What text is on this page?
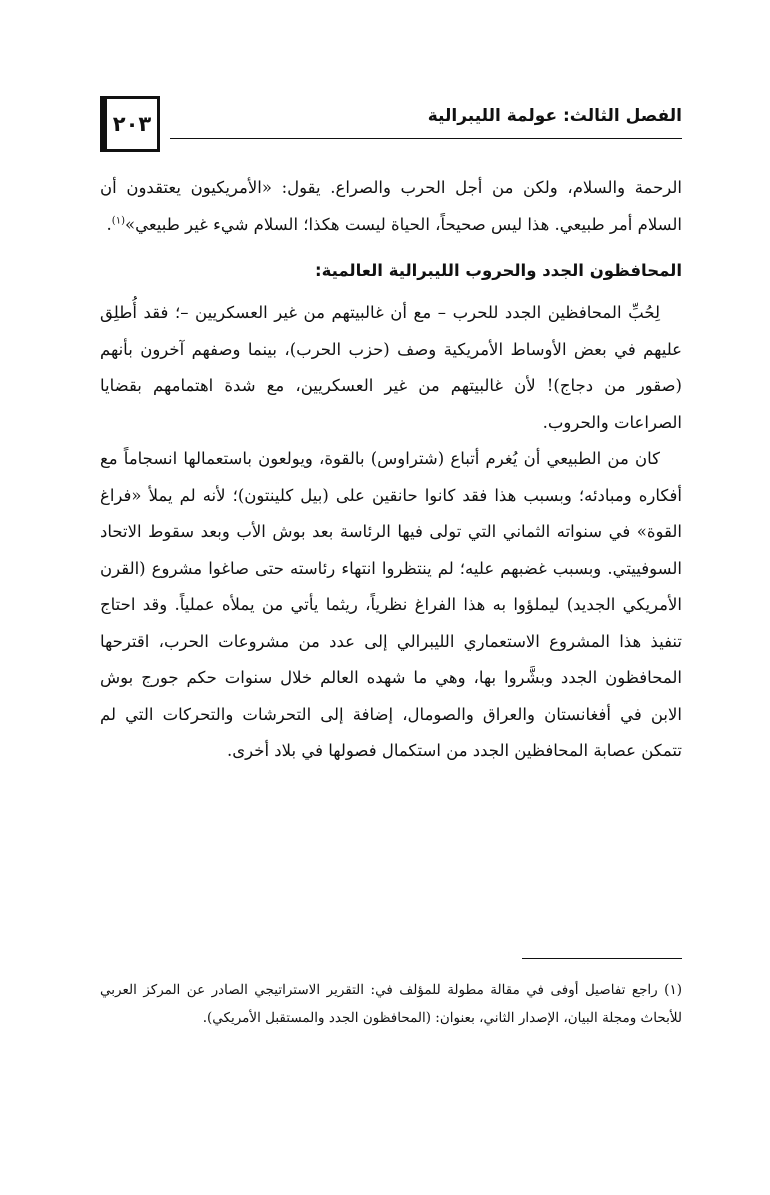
٢٠٣	الفصل الثالث: عولمة الليبرالية

الرحمة والسلام، ولكن من أجل الحرب والصراع. يقول: «الأمريكيون يعتقدون أن السلام أمر طبيعي. هذا ليس صحيحاً، الحياة ليست هكذا؛ السلام شيء غير طبيعي»$^{(١)}$.

المحافظون الجدد والحروب الليبرالية العالمية:

لِحُبِّ المحافظين الجدد للحرب – مع أن غالبيتهم من غير العسكريين –؛ فقد أُطلِق عليهم في بعض الأوساط الأمريكية وصف (حزب الحرب)، بينما وصفهم آخرون بأنهم (صقور من دجاج)! لأن غالبيتهم من غير العسكريين، مع شدة اهتمامهم بقضايا الصراعات والحروب.

كان من الطبيعي أن يُغرم أتباع (شتراوس) بالقوة، ويولعون باستعمالها انسجاماً مع أفكاره ومبادئه؛ وبسبب هذا فقد كانوا حانقين على (بيل كلينتون)؛ لأنه لم يملأ «فراغ القوة» في سنواته الثماني التي تولى فيها الرئاسة بعد بوش الأب وبعد سقوط الاتحاد السوفييتي. وبسبب غضبهم عليه؛ لم ينتظروا انتهاء رئاسته حتى صاغوا مشروع (القرن الأمريكي الجديد) ليملؤوا به هذا الفراغ نظرياً، ريثما يأتي من يملأه عملياً. وقد احتاج تنفيذ هذا المشروع الاستعماري الليبرالي إلى عدد من مشروعات الحرب، اقترحها المحافظون الجدد وبشَّروا بها، وهي ما شهده العالم خلال سنوات حكم جورج بوش الابن في أفغانستان والعراق والصومال، إضافة إلى التحرشات والتحركات التي لم تتمكن عصابة المحافظين الجدد من استكمال فصولها في بلاد أخرى.

(١) راجع تفاصيل أوفى في مقالة مطولة للمؤلف في: التقرير الاستراتيجي الصادر عن المركز العربي للأبحاث ومجلة البيان، الإصدار الثاني، بعنوان: (المحافظون الجدد والمستقبل الأمريكي).
